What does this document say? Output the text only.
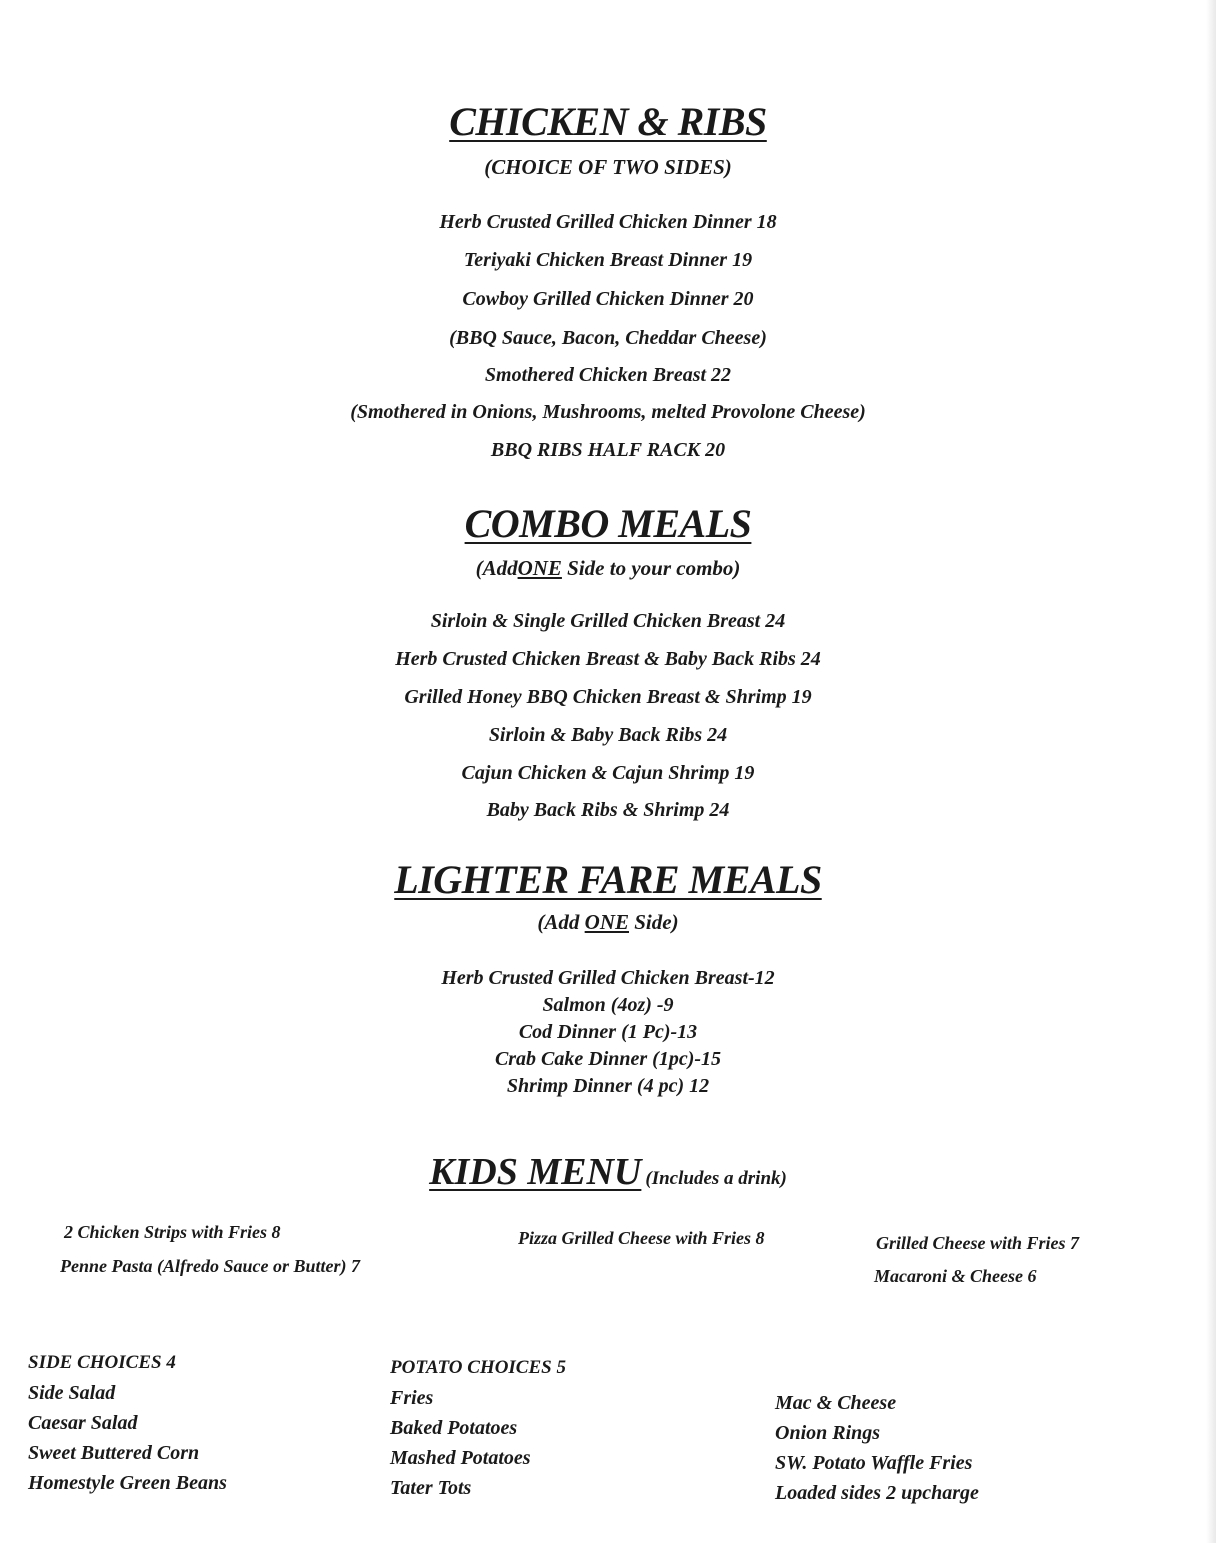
CHICKEN & RIBS
(CHOICE OF TWO SIDES)
Herb Crusted Grilled Chicken Dinner 18
Teriyaki Chicken Breast Dinner 19
Cowboy Grilled Chicken Dinner 20
(BBQ Sauce, Bacon, Cheddar Cheese)
Smothered Chicken Breast 22
(Smothered in Onions, Mushrooms, melted Provolone Cheese)
BBQ RIBS HALF RACK 20
COMBO MEALS
(AddONE Side to your combo)
Sirloin & Single Grilled Chicken Breast 24
Herb Crusted Chicken Breast & Baby Back Ribs 24
Grilled Honey BBQ Chicken Breast & Shrimp 19
Sirloin & Baby Back Ribs 24
Cajun Chicken & Cajun Shrimp 19
Baby Back Ribs & Shrimp 24
LIGHTER FARE MEALS
(Add ONE Side)
Herb Crusted Grilled Chicken Breast-12
Salmon (4oz) -9
Cod Dinner (1 Pc)-13
Crab Cake Dinner (1pc)-15
Shrimp Dinner (4 pc) 12
KIDS MENU (Includes a drink)
2 Chicken Strips with Fries 8
Penne Pasta (Alfredo Sauce or Butter) 7
Pizza Grilled Cheese with Fries 8	Grilled Cheese with Fries 7
Macaroni & Cheese 6
SIDE CHOICES 4
Side Salad
Caesar Salad
Sweet Buttered Corn
Homestyle Green Beans
POTATO CHOICES 5
Fries
Baked Potatoes
Mashed Potatoes
Tater Tots
Mac & Cheese
Onion Rings
SW. Potato Waffle Fries
Loaded sides 2 upcharge
